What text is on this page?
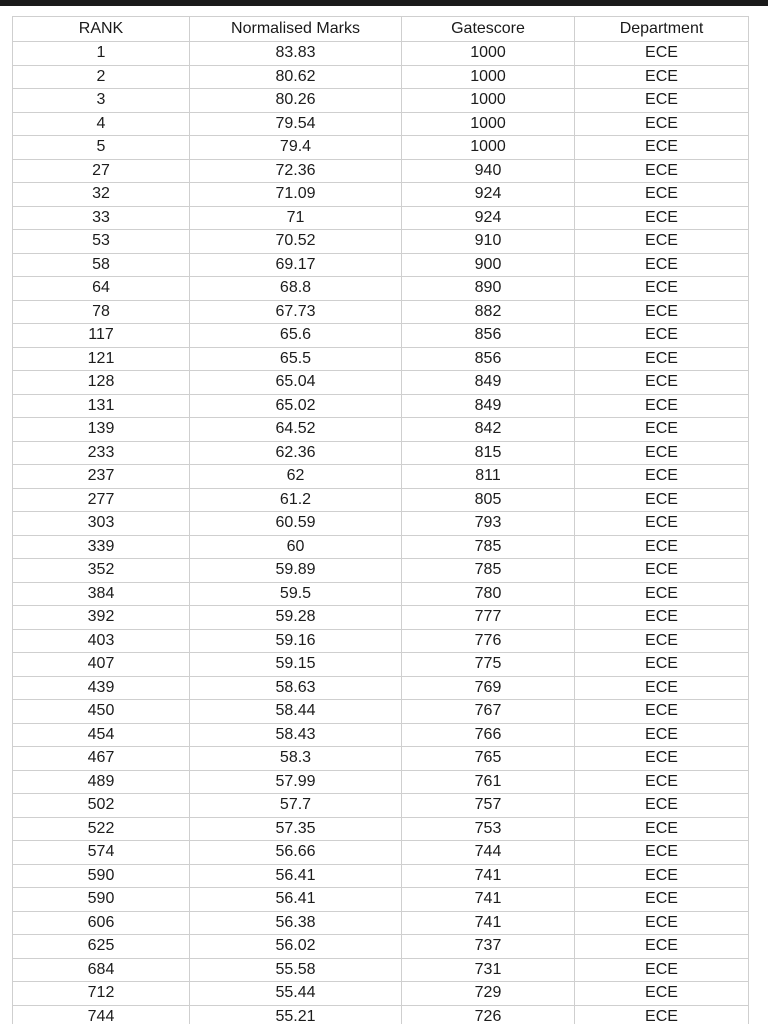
RANK	Normalised Marks	Gatescore	Department
1	83.83	1000	ECE
2	80.62	1000	ECE
3	80.26	1000	ECE
4	79.54	1000	ECE
5	79.4	1000	ECE
27	72.36	940	ECE
32	71.09	924	ECE
33	71	924	ECE
53	70.52	910	ECE
58	69.17	900	ECE
64	68.8	890	ECE
78	67.73	882	ECE
117	65.6	856	ECE
121	65.5	856	ECE
128	65.04	849	ECE
131	65.02	849	ECE
139	64.52	842	ECE
233	62.36	815	ECE
237	62	811	ECE
277	61.2	805	ECE
303	60.59	793	ECE
339	60	785	ECE
352	59.89	785	ECE
384	59.5	780	ECE
392	59.28	777	ECE
403	59.16	776	ECE
407	59.15	775	ECE
439	58.63	769	ECE
450	58.44	767	ECE
454	58.43	766	ECE
467	58.3	765	ECE
489	57.99	761	ECE
502	57.7	757	ECE
522	57.35	753	ECE
574	56.66	744	ECE
590	56.41	741	ECE
590	56.41	741	ECE
606	56.38	741	ECE
625	56.02	737	ECE
684	55.58	731	ECE
712	55.44	729	ECE
744	55.21	726	ECE
